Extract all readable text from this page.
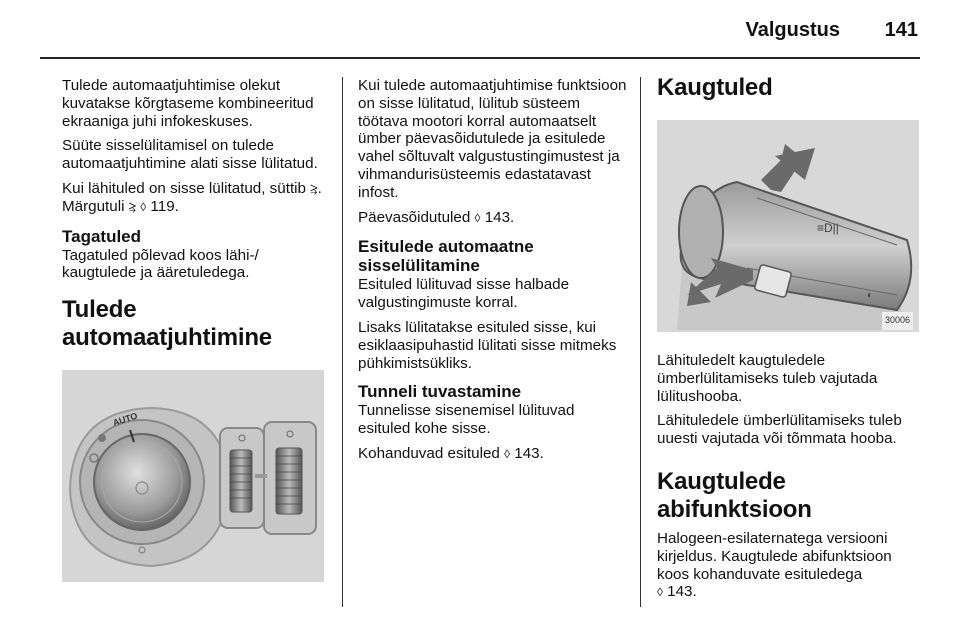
Valgustus 141

Tulede automaatjuhtimise olekut kuvatakse kõrgtaseme kombineeritud ekraaniga juhi infokeskuses.

Süüte sisselülitamisel on tulede automaatjuhtimine alati sisse lülitatud.

Kui lähituled on sisse lülitatud, süttib ⥸. Märgutuli ⥸ ◊ 119.

Tagatuled

Tagatuled põlevad koos lähi-/ kaugtulede ja ääretuledega.

Tulede automaatjuhtimine
AUTO

Kui tulede automaatjuhtimise funktsioon on sisse lülitatud, lülitub süsteem töötava mootori korral automaatselt ümber päevasõidutulede ja esitulede vahel sõltuvalt valgustustingimustest ja vihmandurisüsteemis edastatavast infost.

Päevasõidutuled ◊ 143.

Esitulede automaatne sisselülitamine

Esituled lülituvad sisse halbade valgustingimuste korral.

Lisaks lülitatakse esituled sisse, kui esiklaasipuhastid lülitati sisse mitmeks pühkimistsükliks.

Tunneli tuvastamine

Tunnelisse sisenemisel lülituvad esituled kohe sisse.

Kohanduvad esituled ◊ 143.

Kaugtuled
≡D||
◐
30006

Lähituledelt kaugtuledele ümberlülitamiseks tuleb vajutada lülitushooba.

Lähituledele ümberlülitamiseks tuleb uuesti vajutada või tõmmata hooba.

Kaugtulede abifunktsioon

Halogeen-esilaternatega versiooni kirjeldus. Kaugtulede abifunktsioon koos kohanduvate esituledega

◊ 143.
